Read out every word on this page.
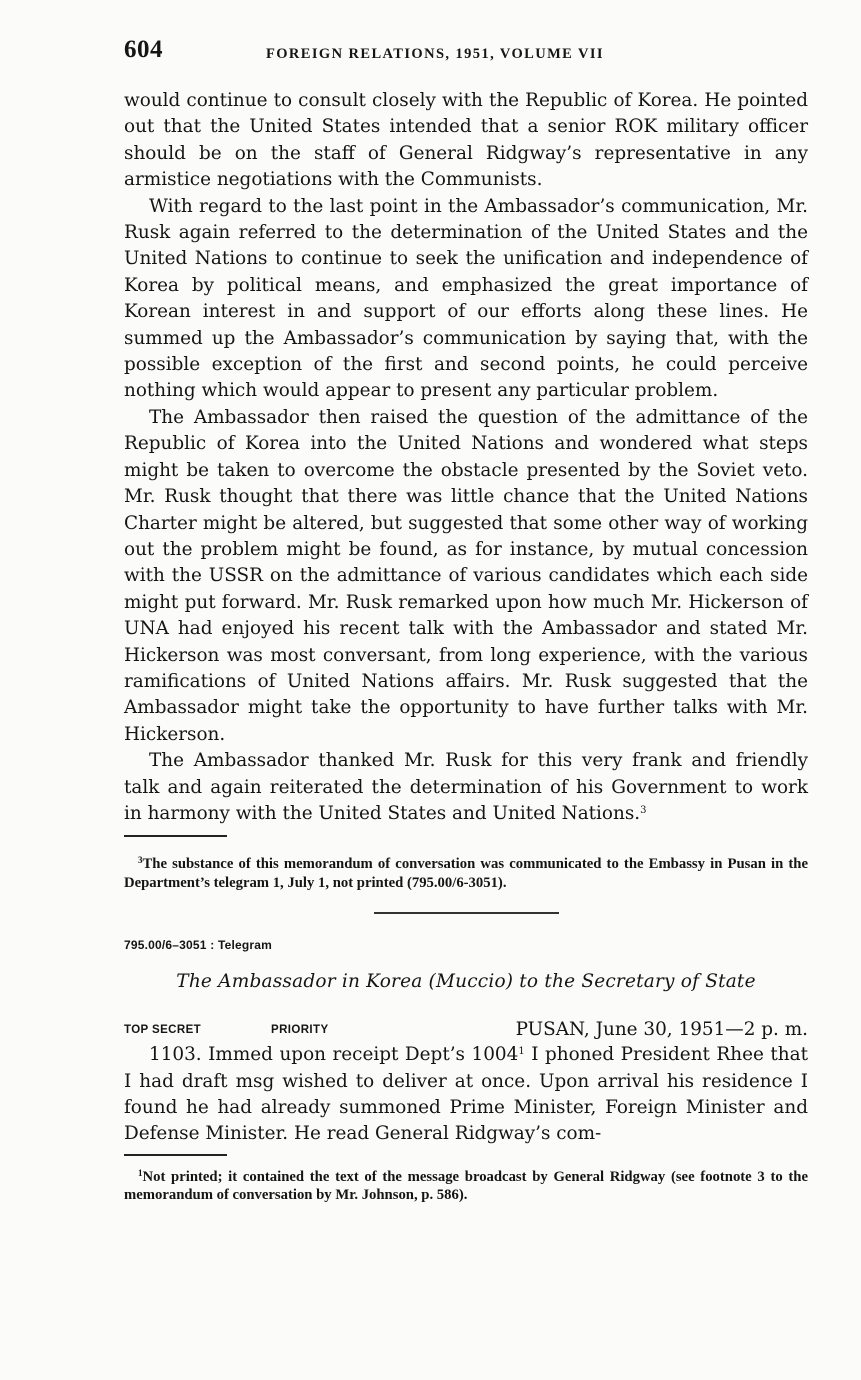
604	FOREIGN RELATIONS, 1951, VOLUME VII

would continue to consult closely with the Republic of Korea. He pointed out that the United States intended that a senior ROK military officer should be on the staff of General Ridgway’s representative in any armistice negotiations with the Communists.

With regard to the last point in the Ambassador’s communication, Mr. Rusk again referred to the determination of the United States and the United Nations to continue to seek the unification and independence of Korea by political means, and emphasized the great importance of Korean interest in and support of our efforts along these lines. He summed up the Ambassador’s communication by saying that, with the possible exception of the first and second points, he could perceive nothing which would appear to present any particular problem.

The Ambassador then raised the question of the admittance of the Republic of Korea into the United Nations and wondered what steps might be taken to overcome the obstacle presented by the Soviet veto. Mr. Rusk thought that there was little chance that the United Nations Charter might be altered, but suggested that some other way of working out the problem might be found, as for instance, by mutual concession with the USSR on the admittance of various candidates which each side might put forward. Mr. Rusk remarked upon how much Mr. Hickerson of UNA had enjoyed his recent talk with the Ambassador and stated Mr. Hickerson was most conversant, from long experience, with the various ramifications of United Nations affairs. Mr. Rusk suggested that the Ambassador might take the opportunity to have further talks with Mr. Hickerson.

The Ambassador thanked Mr. Rusk for this very frank and friendly talk and again reiterated the determination of his Government to work in harmony with the United States and United Nations.$^3$

$^3$The substance of this memorandum of conversation was communicated to the Embassy in Pusan in the Department’s telegram 1, July 1, not printed (795.00/6-3051).

795.00/6–3051 : Telegram
The Ambassador in Korea (Muccio) to the Secretary of State
TOP SECRET	PRIORITY	PUSAN, June 30, 1951—2 p. m.

1103. Immed upon receipt Dept’s 1004$^1$ I phoned President Rhee that I had draft msg wished to deliver at once. Upon arrival his residence I found he had already summoned Prime Minister, Foreign Minister and Defense Minister. He read General Ridgway’s com-

$^1$Not printed; it contained the text of the message broadcast by General Ridgway (see footnote 3 to the memorandum of conversation by Mr. Johnson, p. 586).
